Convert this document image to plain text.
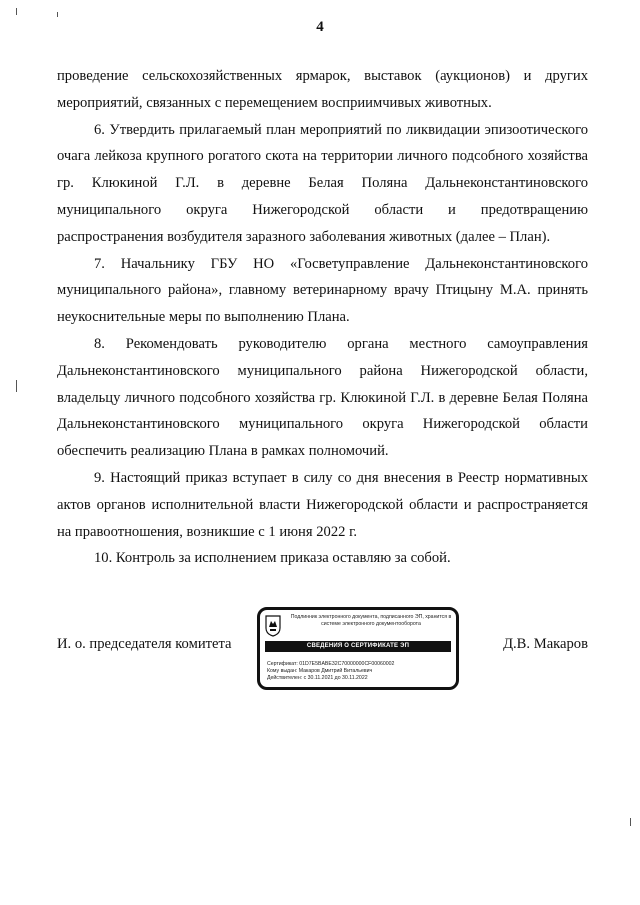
4

проведение сельскохозяйственных ярмарок, выставок (аукционов) и других мероприятий, связанных с перемещением восприимчивых животных.

6. Утвердить прилагаемый план мероприятий по ликвидации эпизоотического очага лейкоза крупного рогатого скота на территории личного подсобного хозяйства гр. Клюкиной Г.Л. в деревне Белая Поляна Дальнеконстантиновского муниципального округа Нижегородской области и предотвращению распространения возбудителя заразного заболевания животных (далее – План).

7. Начальнику ГБУ НО «Госветуправление Дальнеконстантиновского муниципального района», главному ветеринарному врачу Птицыну М.А. принять неукоснительные меры по выполнению Плана.

8. Рекомендовать руководителю органа местного самоуправления Дальнеконстантиновского муниципального района Нижегородской области, владельцу личного подсобного хозяйства гр. Клюкиной Г.Л. в деревне Белая Поляна Дальнеконстантиновского муниципального округа Нижегородской области обеспечить реализацию Плана в рамках полномочий.

9. Настоящий приказ вступает в силу со дня внесения в Реестр нормативных актов органов исполнительной власти Нижегородской области и распространяется на правоотношения, возникшие с 1 июня 2022 г.

10. Контроль за исполнением приказа оставляю за собой.

И. о. председателя комитета	Д.В. Макаров
Подлинник электронного документа, подписанного ЭП, хранится в системе электронного документооборота
СВЕДЕНИЯ О СЕРТИФИКАТЕ ЭП
Сертификат: 01D7E5BABE32C70000000CF00060002
Кому выдан: Макаров Дмитрий Витальевич
Действителен: с 30.11.2021 до 30.11.2022
